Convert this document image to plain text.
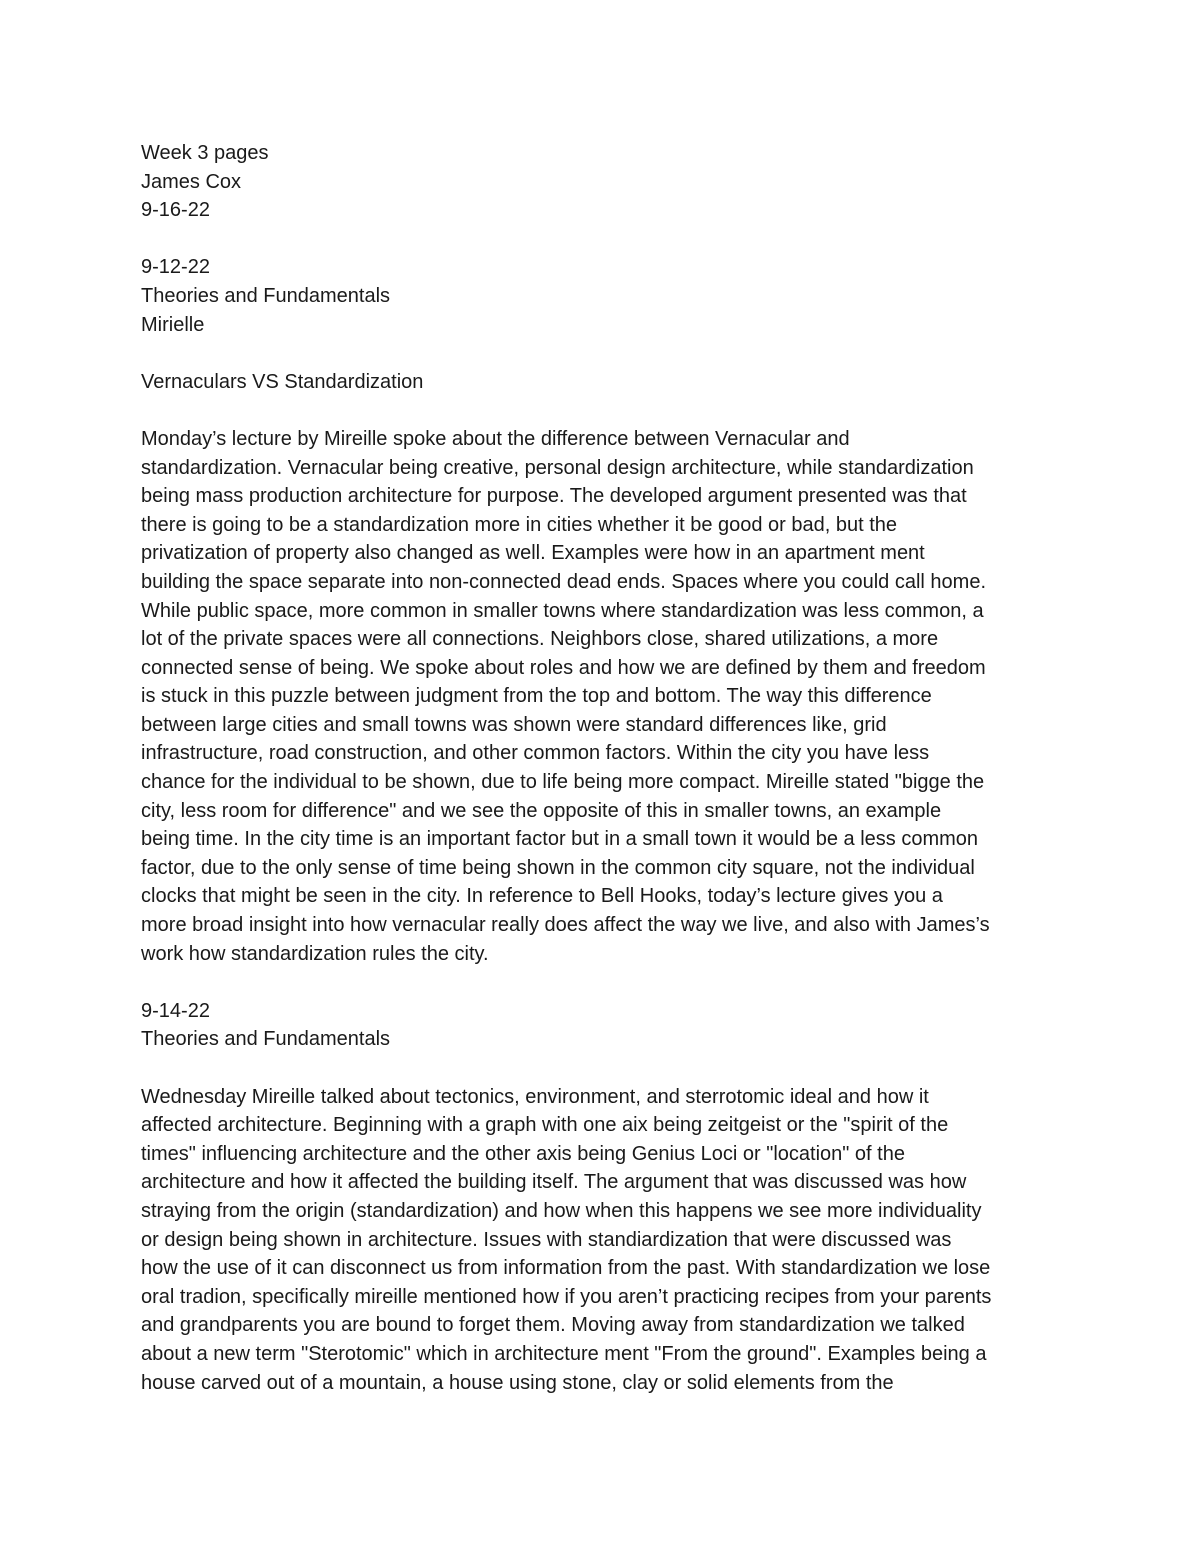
Week 3 pages
James Cox
9-16-22
9-12-22
Theories and Fundamentals
Mirielle
Vernaculars VS Standardization
Monday’s lecture by Mireille spoke about the difference between Vernacular and
standardization. Vernacular being creative, personal design architecture, while standardization
being mass production architecture for purpose. The developed argument presented was that
there is going to be a standardization more in cities whether it be good or bad, but the
privatization of property also changed as well. Examples were how in an apartment ment
building the space separate into non-connected dead ends. Spaces where you could call home.
While public space, more common in smaller towns where standardization was less common, a
lot of the private spaces were all connections. Neighbors close, shared utilizations, a more
connected sense of being. We spoke about roles and how we are defined by them and freedom
is stuck in this puzzle between judgment from the top and bottom. The way this difference
between large cities and small towns was shown were standard differences like, grid
infrastructure, road construction, and other common factors. Within the city you have less
chance for the individual to be shown, due to life being more compact. Mireille stated "bigge the
city, less room for difference" and we see the opposite of this in smaller towns, an example
being time. In the city time is an important factor but in a small town it would be a less common
factor, due to the only sense of time being shown in the common city square, not the individual
clocks that might be seen in the city. In reference to Bell Hooks, today’s lecture gives you a
more broad insight into how vernacular really does affect the way we live, and also with James’s
work how standardization rules the city.
9-14-22
Theories and Fundamentals
Wednesday Mireille talked about tectonics, environment, and sterrotomic ideal and how it
affected architecture. Beginning with a graph with one aix being zeitgeist or the "spirit of the
times" influencing architecture and the other axis being Genius Loci or "location" of the
architecture and how it affected the building itself. The argument that was discussed was how
straying from the origin (standardization) and how when this happens we see more individuality
or design being shown in architecture. Issues with standiardization that were discussed was
how the use of it can disconnect us from information from the past. With standardization we lose
oral tradion, specifically mireille mentioned how if you aren’t practicing recipes from your parents
and grandparents you are bound to forget them. Moving away from standardization we talked
about a new term "Sterotomic" which in architecture ment "From the ground". Examples being a
house carved out of a mountain, a house using stone, clay or solid elements from the
